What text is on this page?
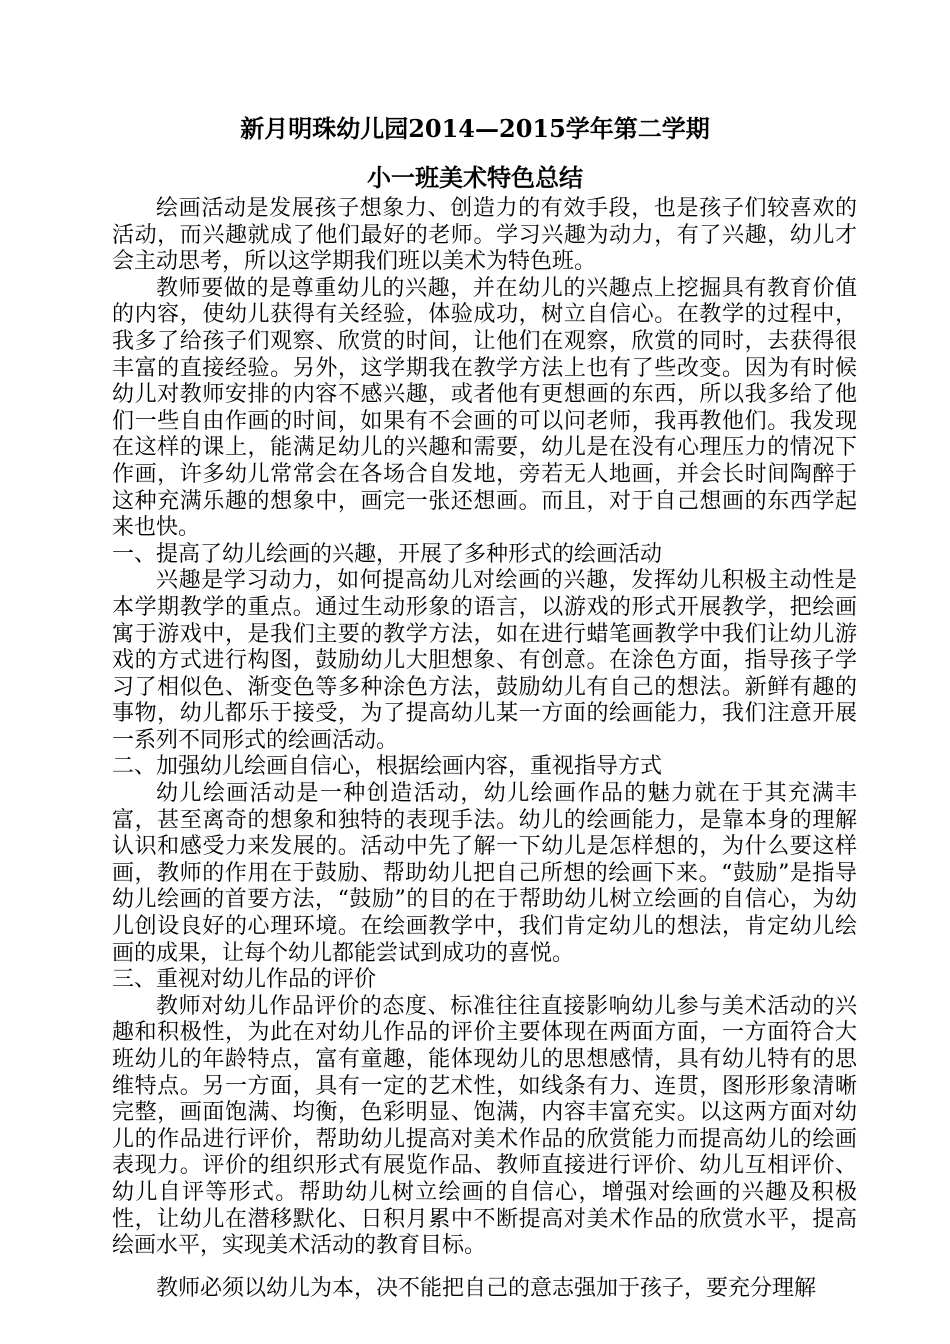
新月明珠幼儿园2014—2015学年第二学期
小一班美术特色总结

绘画活动是发展孩子想象力、创造力的有效手段，也是孩子们较喜欢的活动，而兴趣就成了他们最好的老师。学习兴趣为动力，有了兴趣，幼儿才会主动思考，所以这学期我们班以美术为特色班。

教师要做的是尊重幼儿的兴趣，并在幼儿的兴趣点上挖掘具有教育价值的内容，使幼儿获得有关经验，体验成功，树立自信心。在教学的过程中，我多了给孩子们观察、欣赏的时间，让他们在观察，欣赏的同时，去获得很丰富的直接经验。另外，这学期我在教学方法上也有了些改变。因为有时候幼儿对教师安排的内容不感兴趣，或者他有更想画的东西，所以我多给了他们一些自由作画的时间，如果有不会画的可以问老师，我再教他们。我发现在这样的课上，能满足幼儿的兴趣和需要，幼儿是在没有心理压力的情况下作画，许多幼儿常常会在各场合自发地，旁若无人地画，并会长时间陶醉于这种充满乐趣的想象中，画完一张还想画。而且，对于自己想画的东西学起来也快。

一、提高了幼儿绘画的兴趣，开展了多种形式的绘画活动

兴趣是学习动力，如何提高幼儿对绘画的兴趣，发挥幼儿积极主动性是本学期教学的重点。通过生动形象的语言，以游戏的形式开展教学，把绘画寓于游戏中，是我们主要的教学方法，如在进行蜡笔画教学中我们让幼儿游戏的方式进行构图，鼓励幼儿大胆想象、有创意。在涂色方面，指导孩子学习了相似色、渐变色等多种涂色方法，鼓励幼儿有自己的想法。新鲜有趣的事物，幼儿都乐于接受，为了提高幼儿某一方面的绘画能力，我们注意开展一系列不同形式的绘画活动。

二、加强幼儿绘画自信心，根据绘画内容，重视指导方式

幼儿绘画活动是一种创造活动，幼儿绘画作品的魅力就在于其充满丰富，甚至离奇的想象和独特的表现手法。幼儿的绘画能力，是靠本身的理解认识和感受力来发展的。活动中先了解一下幼儿是怎样想的，为什么要这样画，教师的作用在于鼓励、帮助幼儿把自己所想的绘画下来。“鼓励”是指导幼儿绘画的首要方法，“鼓励”的目的在于帮助幼儿树立绘画的自信心，为幼儿创设良好的心理环境。在绘画教学中，我们肯定幼儿的想法，肯定幼儿绘画的成果，让每个幼儿都能尝试到成功的喜悦。

三、重视对幼儿作品的评价

教师对幼儿作品评价的态度、标准往往直接影响幼儿参与美术活动的兴趣和积极性，为此在对幼儿作品的评价主要体现在两面方面，一方面符合大班幼儿的年龄特点，富有童趣，能体现幼儿的思想感情，具有幼儿特有的思维特点。另一方面，具有一定的艺术性，如线条有力、连贯，图形形象清晰完整，画面饱满、均衡，色彩明显、饱满，内容丰富充实。以这两方面对幼儿的作品进行评价，帮助幼儿提高对美术作品的欣赏能力而提高幼儿的绘画表现力。评价的组织形式有展览作品、教师直接进行评价、幼儿互相评价、幼儿自评等形式。帮助幼儿树立绘画的自信心，增强对绘画的兴趣及积极性，让幼儿在潜移默化、日积月累中不断提高对美术作品的欣赏水平，提高绘画水平，实现美术活动的教育目标。

教师必须以幼儿为本，决不能把自己的意志强加于孩子，要充分理解
